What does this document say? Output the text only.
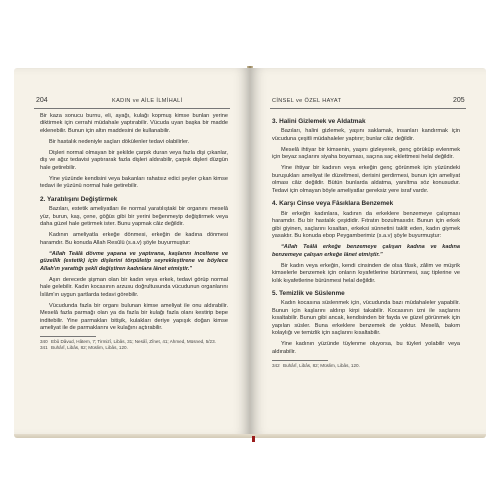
204	KADIN ve AİLE İLMİHALİ

Bir kaza sonucu burnu, eli, ayağı, kulağı kopmuş kimse bunları yerine diktirmek için cerrahi müdahale yaptırabilir. Vücuda uyan başka bir madde eklenebilir. Bunun için altın maddesini de kullanabilir.

Bir hastalık nedeniyle saçları dökülenler tedavi olabilirler.

Dişleri normal olmayan bir şekilde çarpık duran veya fazla dişi çıkanlar, diş ve ağız tedavisi yaptırarak fazla dişleri aldırabilir, çarpık dişleri düzgün hale getirebilir.

Yine yüzünde kendisini veya bakanları rahatsız edici şeyler çıkan kimse tedavi ile yüzünü normal hale getirebilir.

2. Yaratılışını Değiştirmek

Bazıları, estetik ameliyatları ile normal yaratılıştaki bir organını meselâ yüz, burun, kaş, çene, göğüs gibi bir yerini beğenmeyip değiştirmek veya daha güzel hale getirmek ister. Bunu yapmak câiz değildir.

Kadının ameliyatla erkeğe dönmesi, erkeğin de kadına dönmesi haramdır. Bu konuda Allah Resûlü (s.a.v) şöyle buyurmuştur:

“Allah Teâlâ dövme yapana ve yaptırana, kaşlarını inceltene ve güzellik (estetik) için dişlerini törpületip seyrekleştirene ve böylece Allah'ın yarattığı şekli değiştiren kadınlara lânet etmiştir.”

Aşırı derecede şişman olan bir kadın veya erkek, tedavi görüp normal hale gelebilir. Kadın kocasının arzusu doğrultusunda vücudunun organlarını İslâm'ın uygun şartlarda tedavi görebilir.

Vücudunda fazla bir organı bulunan kimse ameliyat ile onu aldırabilir. Meselâ fazla parmağı olan ya da fazla bir kulağı fazla olanı kestirip bepe inditebilir. Yine parmakları bitişik, kulakları deriye yapışık doğan kimse ameliyat ile de parmaklarını ve kulağını açtırabilir.

340 Ebû Dâvud, Hâtem, 7; Tirmizî, Libâs, 31; Nesâî, Zînet, 41; Ahmed, Müsned, 5/23.
341 Buhârî, Libâs, 82; Müslim, Libâs, 120.
CİNSEL ve ÖZEL HAYAT	205
3. Halini Gizlemek ve Aldatmak

Bazıları, halini gizlemek, yaşını saklamak, insanları kandırmak için vücuduna çeşitli müdahaleler yaptırır; bunlar câiz değildir.

Meselâ ihtiyar bir kimsenin, yaşını gizleyerek, genç görüküp evlenmek için beyaz saçlarını siyaha boyaması, saçına saç eklettmesi helal değildir.

Yine ihtiyar bir kadının veya erkeğin genç görünmek için yüzündeki buruşukları ameliyat ile düzeltmesi, derisini gerdirmesi, bunun için ameliyat olması câiz değildir. Bütün bunlarda aldatma, yanıltma söz konusudur. Tedavi için olmayan böyle ameliyatlar gereksiz yere israf vardır.

4. Karşı Cinse veya Fâsıklara Benzemek

Bir erkeğin kadınlara, kadının da erkeklere benzemeye çalışması haramdır. Bu bir hastalık çeşididir. Fıtratın bozulmasıdır. Bunun için erkek gibi giyinen, saçlarını kısaltan, erkeksi sünnetini taklit eden, kadın giymek yasaktır. Bu konuda ebop Peygamberimiz (s.a.v) şöyle buyurmuştur:

“Allah Teâlâ erkeğe benzemeye çalışan kadına ve kadına benzemeye çalışan erkeğe lânet etmiştir.”

Bir kadın veya erkeğin, kendi cinsinden de olsa fâsık, zâlim ve müşrik kimselerle benzemek için onların kıyafetlerine bürünmesi, saç tiplerine ve kılık kıyafetlerine bürünmesi helal değildir.

5. Temizlik ve Süslenme

Kadın kocasına süslenmek için, vücudunda bazı müdahaleler yapabilir. Bunun için kaşlarını aldırıp kirpi takabilir. Kocasının izni ile saçlarını kısaltabilir. Bunun gibi ancak, kendisinden bir fayda ve güzel görünmek için yapılan süsler. Buna erkeklere benzemek de yoktur. Meselâ, bakım kolaylığı ve temizlik için saçlarını kısaltabilir.

Yine kadının yüzünde tüylenme oluyorsa, bu tüyleri yolabilir veya aldırabilir.

342 Buhârî, Libâs, 82; Müslim, Libâs, 120.
